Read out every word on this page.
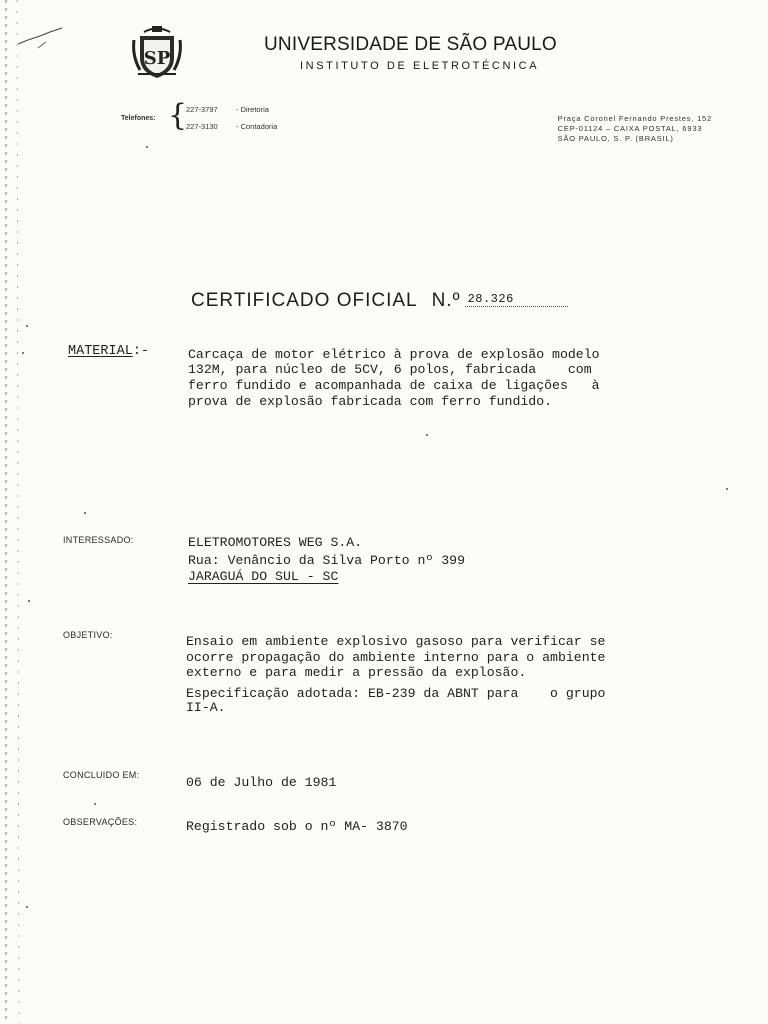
SP
UNIVERSIDADE DE SÃO PAULO
INSTITUTO DE ELETROTÉCNICA
Telefones: {
227-3797 - Diretoria
227-3130 - Contadoria
Praça Coronel Fernando Prestes, 152
CEP-01124 – CAIXA POSTAL, 6933
SÃO PAULO, S. P. (BRASIL)
CERTIFICADO OFICIAL N.º 28.326
MATERIAL:-	Carcaça de motor elétrico à prova de explosão modelo
132M, para núcleo de 5CV, 6 polos, fabricada    com
ferro fundido e acompanhada de caixa de ligações   à
prova de explosão fabricada com ferro fundido.
INTERESSADO:	ELETROMOTORES WEG S.A.
Rua: Venâncio da Silva Porto nº 399
JARAGUÁ DO SUL - SC
OBJETIVO:	Ensaio em ambiente explosivo gasoso para verificar se
ocorre propagação do ambiente interno para o ambiente
externo e para medir a pressão da explosão.
Especificação adotada: EB-239 da ABNT para    o grupo
II-A.
CONCLUIDO EM:	06 de Julho de 1981
OBSERVAÇÕES:	Registrado sob o nº MA- 3870
